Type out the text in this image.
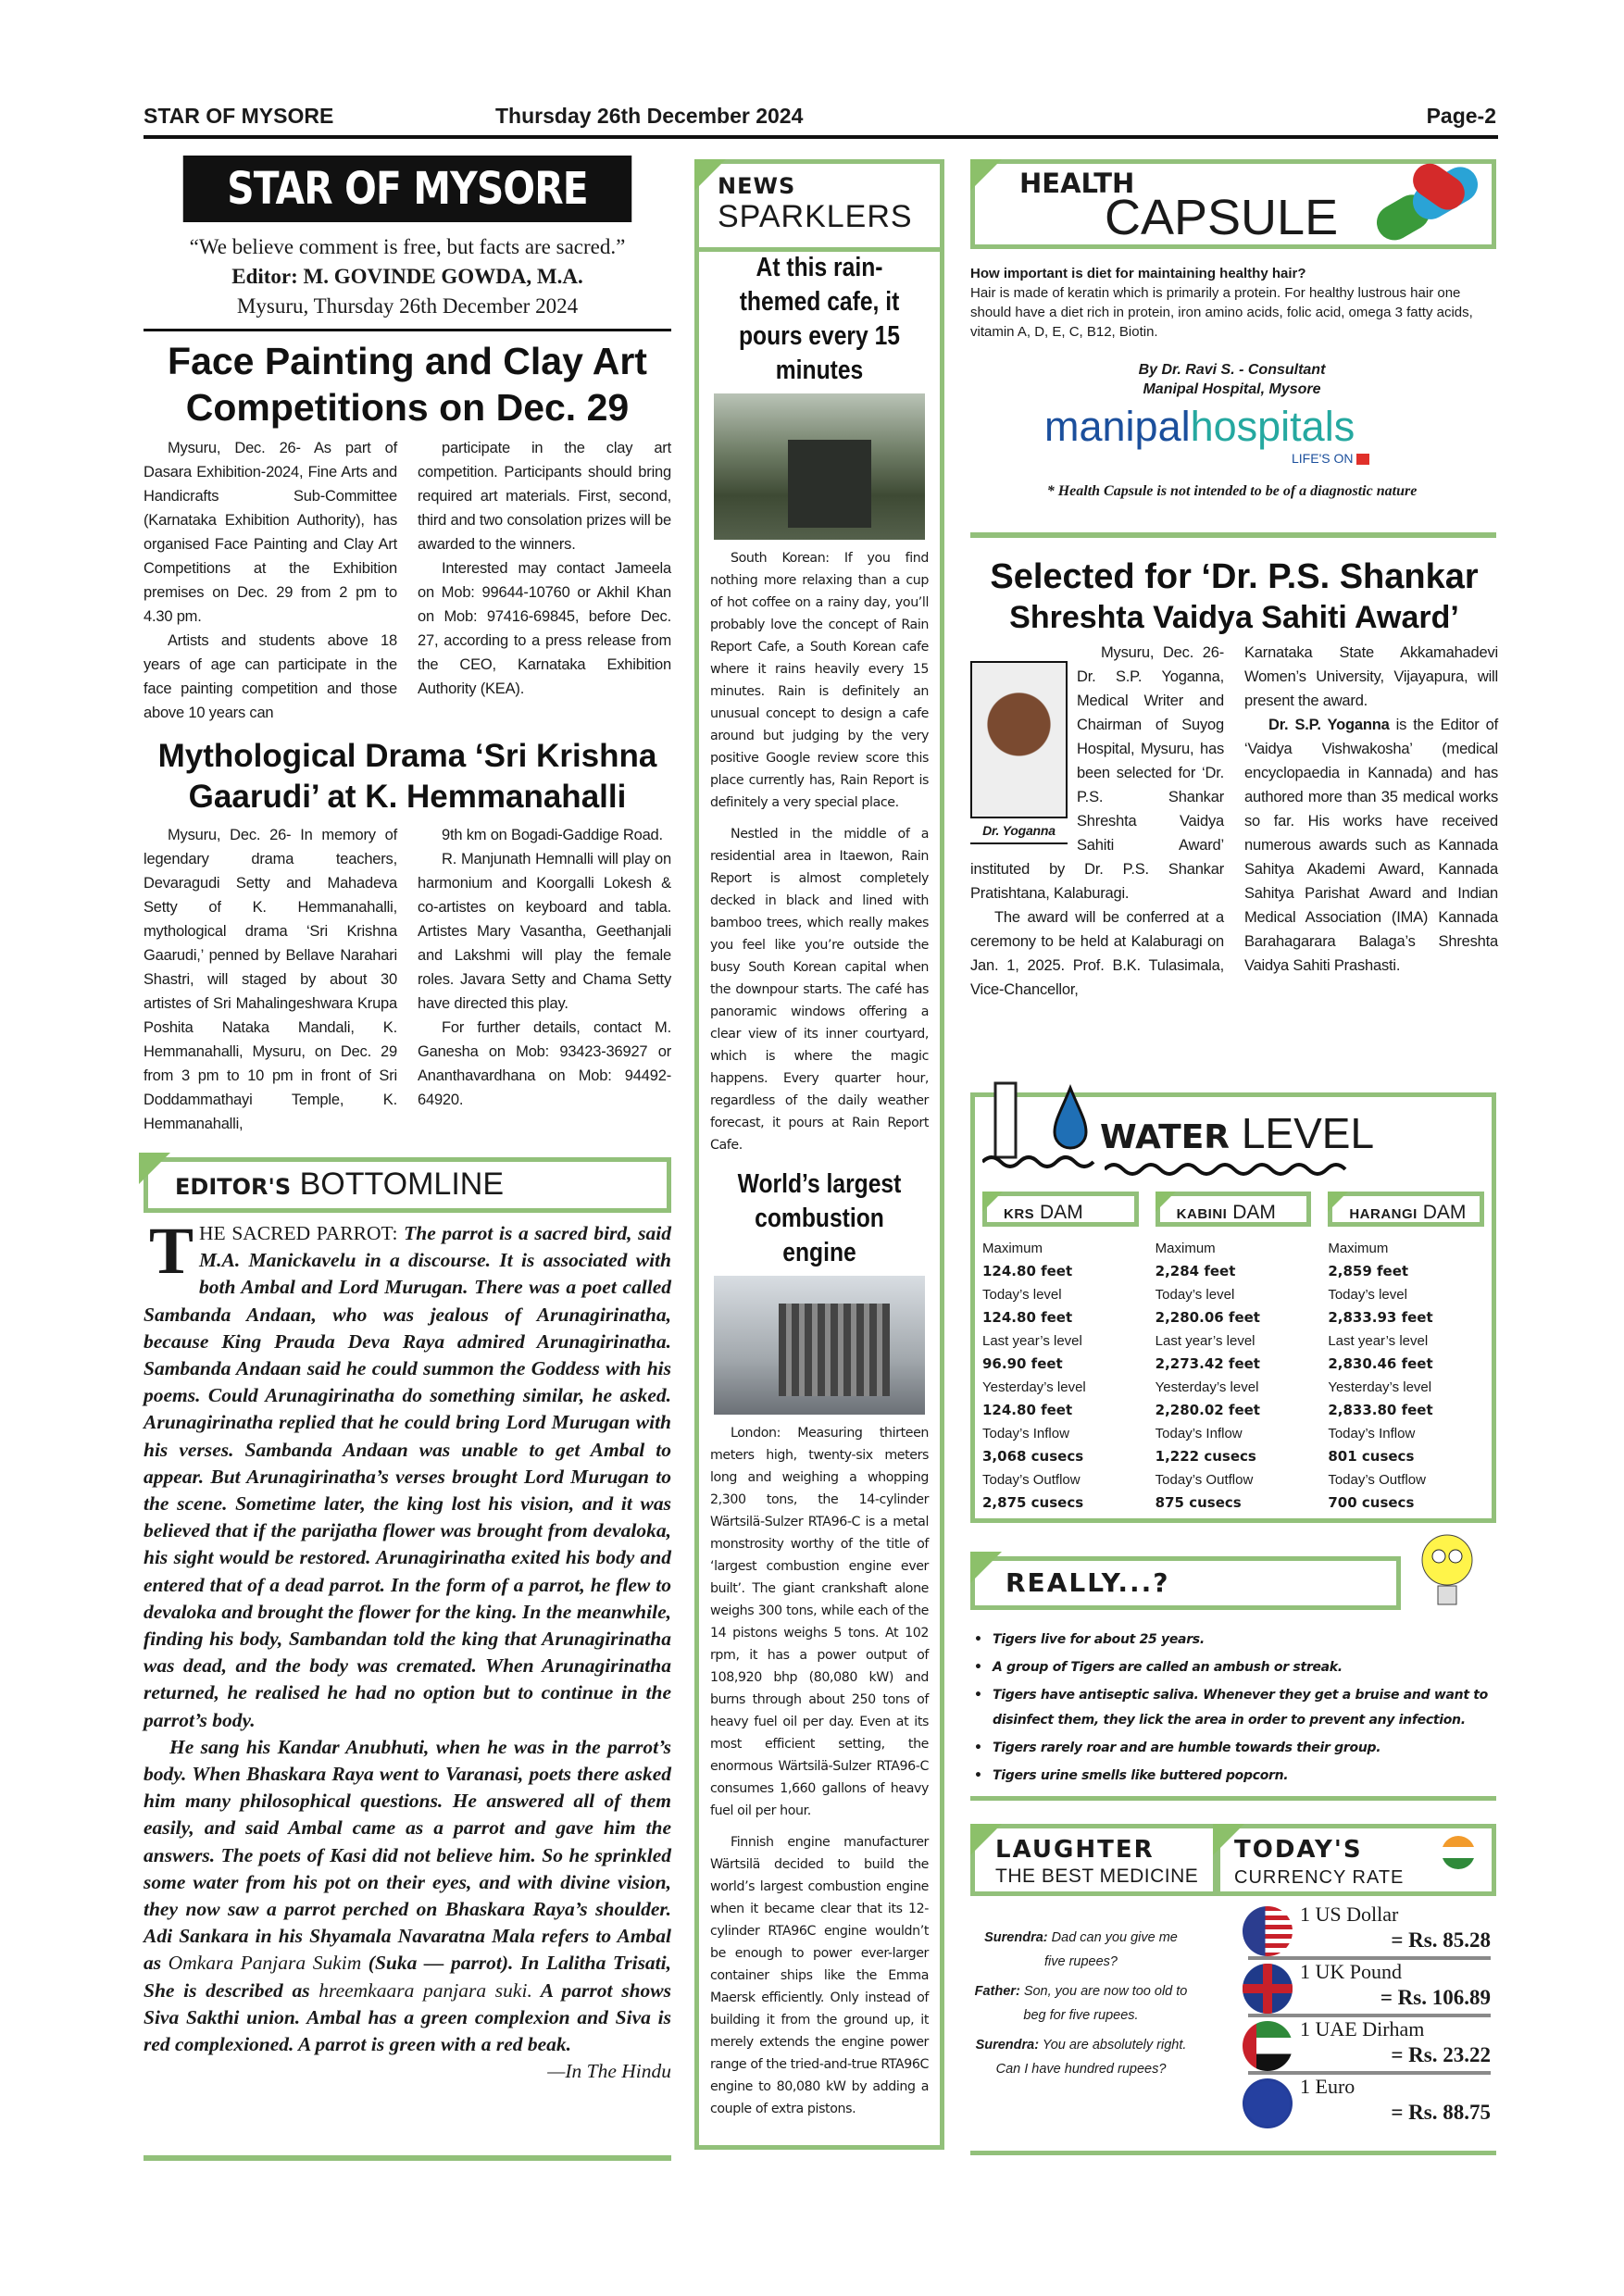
STAR OF MYSORE	Thursday 26th December 2024	Page-2
STAR OF MYSORE
“We believe comment is free, but facts are sacred.”
Editor: M. GOVINDE GOWDA, M.A.
Mysuru, Thursday 26th December 2024
Face Painting and Clay Art Competitions on Dec. 29

Mysuru, Dec. 26- As part of Dasara Exhibition-2024, Fine Arts and Handicrafts Sub-Committee (Karnataka Exhibition Authority), has organised Face Painting and Clay Art Competitions at the Exhibition premises on Dec. 29 from 2 pm to 4.30 pm.

Artists and students above 18 years of age can participate in the face painting competition and those above 10 years can

participate in the clay art competition. Participants should bring required art materials. First, second, third and two consolation prizes will be awarded to the winners.

Interested may contact Jameela on Mob: 99644-10760 or Akhil Khan on Mob: 97416-69845, before Dec. 27, according to a press release from the CEO, Karnataka Exhibition Authority (KEA).

Mythological Drama ‘Sri Krishna Gaarudi’ at K. Hemmanahalli

Mysuru, Dec. 26- In memory of legendary drama teachers, Devaragudi Setty and Mahadeva Setty of K. Hemmanahalli, mythological drama ‘Sri Krishna Gaarudi,’ penned by Bellave Narahari Shastri, will staged by about 30 artistes of Sri Mahalingeshwara Krupa Poshita Nataka Mandali, K. Hemmanahalli, Mysuru, on Dec. 29 from 3 pm to 10 pm in front of Sri Doddammathayi Temple, K. Hemmanahalli,

9th km on Bogadi-Gaddige Road.

R. Manjunath Hemnalli will play on harmonium and Koorgalli Lokesh & co-artistes on keyboard and tabla. Artistes Mary Vasantha, Geethanjali and Lakshmi will play the female roles. Javara Setty and Chama Setty have directed this play.

For further details, contact M. Ganesha on Mob: 93423-36927 or Ananthavardhana on Mob: 94492-64920.

EDITOR'S BOTTOMLINE

THE SACRED PARROT: The parrot is a sacred bird, said M.A. Manickavelu in a discourse. It is associated with both Ambal and Lord Murugan. There was a poet called Sambanda Andaan, who was jealous of Arunagirinatha, because King Prauda Deva Raya admired Arunagirinatha. Sambanda Andaan said he could summon the Goddess with his poems. Could Arunagirinatha do something similar, he asked. Arunagirinatha replied that he could bring Lord Murugan with his verses. Sambanda Andaan was unable to get Ambal to appear. But Arunagirinatha’s verses brought Lord Murugan to the scene. Sometime later, the king lost his vision, and it was believed that if the parijatha flower was brought from devaloka, his sight would be restored. Arunagirinatha exited his body and entered that of a dead parrot. In the form of a parrot, he flew to devaloka and brought the flower for the king. In the meanwhile, finding his body, Sambandan told the king that Arunagirinatha was dead, and the body was cremated. When Arunagirinatha returned, he realised he had no option but to continue in the parrot’s body.

He sang his Kandar Anubhuti, when he was in the parrot’s body. When Bhaskara Raya went to Varanasi, poets there asked him many philosophical questions. He answered all of them easily, and said Ambal came as a parrot and gave him the answers. The poets of Kasi did not believe him. So he sprinkled some water from his pot on their eyes, and with divine vision, they now saw a parrot perched on Bhaskara Raya’s shoulder. Adi Sankara in his Shyamala Navaratna Mala refers to Ambal as Omkara Panjara Sukim (Suka — parrot). In Lalitha Trisati, She is described as hreemkaara panjara suki. A parrot shows Siva Sakthi union. Ambal has a green complexion and Siva is red complexioned. A parrot is green with a red beak.

—In The Hindu
NEWS
SPARKLERS
At this rain-themed cafe, it pours every 15 minutes

South Korean: If you find nothing more relaxing than a cup of hot coffee on a rainy day, you’ll probably love the concept of Rain Report Cafe, a South Korean cafe where it rains heavily every 15 minutes. Rain is definitely an unusual concept to design a cafe around but judging by the very positive Google review score this place currently has, Rain Report is definitely a very special place.

Nestled in the middle of a residential area in Itaewon, Rain Report is almost completely decked in black and lined with bamboo trees, which really makes you feel like you’re outside the busy South Korean capital when the downpour starts. The café has panoramic windows offering a clear view of its inner courtyard, which is where the magic happens. Every quarter hour, regardless of the daily weather forecast, it pours at Rain Report Cafe.

World’s largest combustion engine

London: Measuring thirteen meters high, twenty-six meters long and weighing a whopping 2,300 tons, the 14-cylinder Wärtsilä-Sulzer RTA96-C is a metal monstrosity worthy of the title of ‘largest combustion engine ever built’. The giant crankshaft alone weighs 300 tons, while each of the 14 pistons weighs 5 tons. At 102 rpm, it has a power output of 108,920 bhp (80,080 kW) and burns through about 250 tons of heavy fuel oil per day. Even at its most efficient setting, the enormous Wärtsilä-Sulzer RTA96-C consumes 1,660 gallons of heavy fuel oil per hour.

Finnish engine manufacturer Wärtsilä decided to build the world’s largest combustion engine when it became clear that its 12-cylinder RTA96C engine wouldn’t be enough to power ever-larger container ships like the Emma Maersk efficiently. Only instead of building it from the ground up, it merely extends the engine power range of the tried-and-true RTA96C engine to 80,080 kW by adding a couple of extra pistons.

HEALTH
CAPSULE
How important is diet for maintaining healthy hair?
Hair is made of keratin which is primarily a protein. For healthy lustrous hair one should have a diet rich in protein, iron amino acids, folic acid, omega 3 fatty acids, vitamin A, D, E, C, B12, Biotin.
By Dr. Ravi S. - Consultant
Manipal Hospital, Mysore
manipalhospitals
LIFE'S ON
* Health Capsule is not intended to be of a diagnostic nature
Selected for ‘Dr. P.S. Shankar
Shreshta Vaidya Sahiti Award’
Dr. Yoganna

Mysuru, Dec. 26- Dr. S.P. Yoganna, Medical Writer and Chairman of Suyog Hospital, Mysuru, has been selected for ‘Dr. P.S. Shankar Shreshta Vaidya Sahiti Award’ instituted by Dr. P.S. Shankar Pratishtana, Kalaburagi.

The award will be conferred at a ceremony to be held at Kalaburagi on Jan. 1, 2025. Prof. B.K. Tulasimala, Vice-Chancellor,

Karnataka State Akkamahadevi Women’s University, Vijayapura, will present the award.

Dr. S.P. Yoganna is the Editor of ‘Vaidya Vishwakosha’ (medical encyclopaedia in Kannada) and has authored more than 35 medical works so far. His works have received numerous awards such as Kannada Sahitya Akademi Award, Kannada Sahitya Parishat Award and Indian Medical Association (IMA) Kannada Barahagarara Balaga’s Shreshta Vaidya Sahiti Prashasti.

WATER LEVEL
KRS DAM
Maximum
124.80 feet
Today’s level
124.80 feet
Last year’s level
96.90 feet
Yesterday’s level
124.80 feet
Today’s Inflow
3,068 cusecs
Today’s Outflow
2,875 cusecs
KABINI DAM
Maximum
2,284 feet
Today’s level
2,280.06 feet
Last year’s level
2,273.42 feet
Yesterday’s level
2,280.02 feet
Today’s Inflow
1,222 cusecs
Today’s Outflow
875 cusecs
HARANGI DAM
Maximum
2,859 feet
Today’s level
2,833.93 feet
Last year’s level
2,830.46 feet
Yesterday’s level
2,833.80 feet
Today’s Inflow
801 cusecs
Today’s Outflow
700 cusecs
REALLY...?
• Tigers live for about 25 years.
• A group of Tigers are called an ambush or streak.
• Tigers have antiseptic saliva. Whenever they get a bruise and want to disinfect them, they lick the area in order to prevent any infection.
• Tigers rarely roar and are humble towards their group.
• Tigers urine smells like buttered popcorn.
LAUGHTER
THE BEST MEDICINE

Surendra: Dad can you give me five rupees?

Father: Son, you are now too old to beg for five rupees.

Surendra: You are absolutely right. Can I have hundred rupees?

TODAY'S
CURRENCY RATE
1 US Dollar
= Rs. 85.28
1 UK Pound
= Rs. 106.89
1 UAE Dirham
= Rs. 23.22
1 Euro
= Rs. 88.75
